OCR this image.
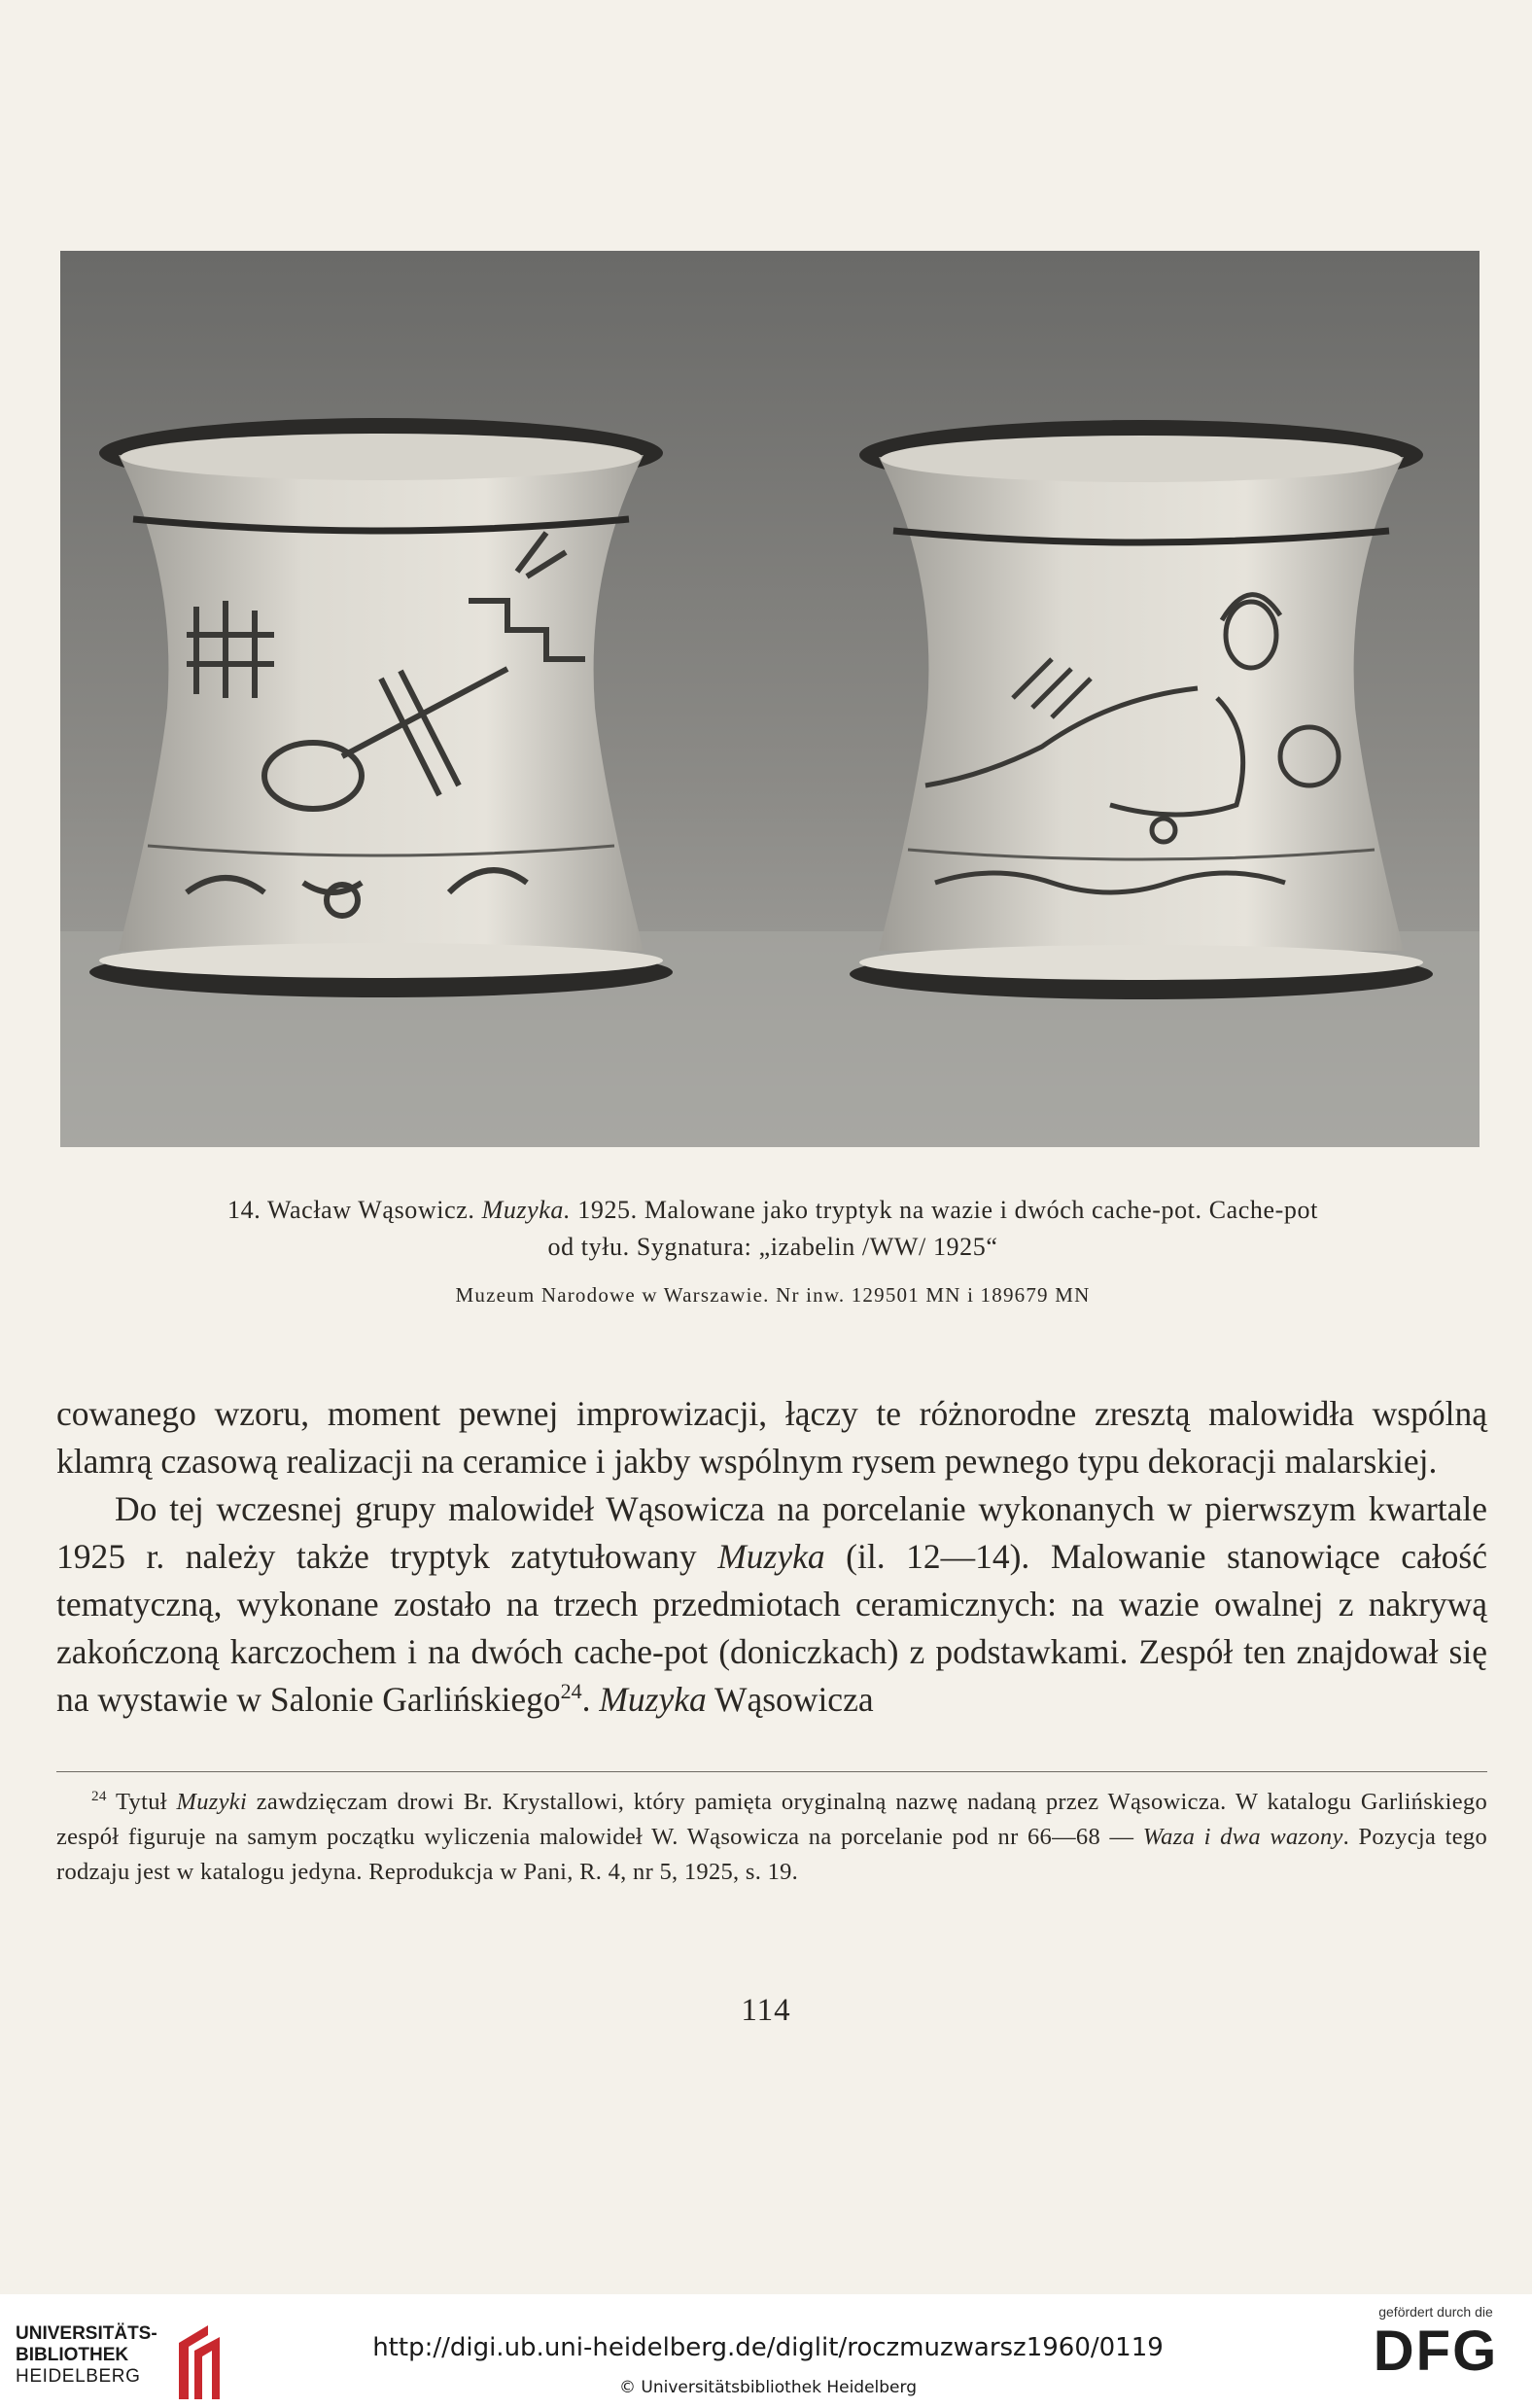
14. Wacław Wąsowicz. Muzyka. 1925. Malowane jako tryptyk na wazie i dwóch cache-pot. Cache-pot
od tyłu. Sygnatura: „izabelin /WW/ 1925“
Muzeum Narodowe w Warszawie. Nr inw. 129501 MN i 189679 MN

cowanego wzoru, moment pewnej improwizacji, łączy te różnorodne zresztą malowidła wspólną klamrą czasową realizacji na ceramice i jakby wspólnym rysem pewnego typu dekoracji malarskiej.

Do tej wczesnej grupy malowideł Wąsowicza na porcelanie wykonanych w pierwszym kwartale 1925 r. należy także tryptyk zatytułowany Muzyka (il. 12—14). Malowanie stanowiące całość tematyczną, wykonane zostało na trzech przedmiotach ceramicznych: na wazie owalnej z nakrywą zakończoną karczochem i na dwóch cache-pot (doniczkach) z podstawkami. Zespół ten znajdował się na wystawie w Salonie Garlińskiego$^{24}$. Muzyka Wąsowicza

$^{24}$ Tytuł Muzyki zawdzięczam drowi Br. Krystallowi, który pamięta oryginalną nazwę nadaną przez Wąsowicza. W katalogu Garlińskiego zespół figuruje na samym początku wyliczenia malowideł W. Wąsowicza na porcelanie pod nr 66—68 — Waza i dwa wazony. Pozycja tego rodzaju jest w katalogu jedyna. Reprodukcja w Pani, R. 4, nr 5, 1925, s. 19.

114
UNIVERSITÄTS-
BIBLIOTHEK
HEIDELBERG
http://digi.ub.uni-heidelberg.de/diglit/roczmuzwarsz1960/0119
© Universitätsbibliothek Heidelberg
gefördert durch die
DFG
